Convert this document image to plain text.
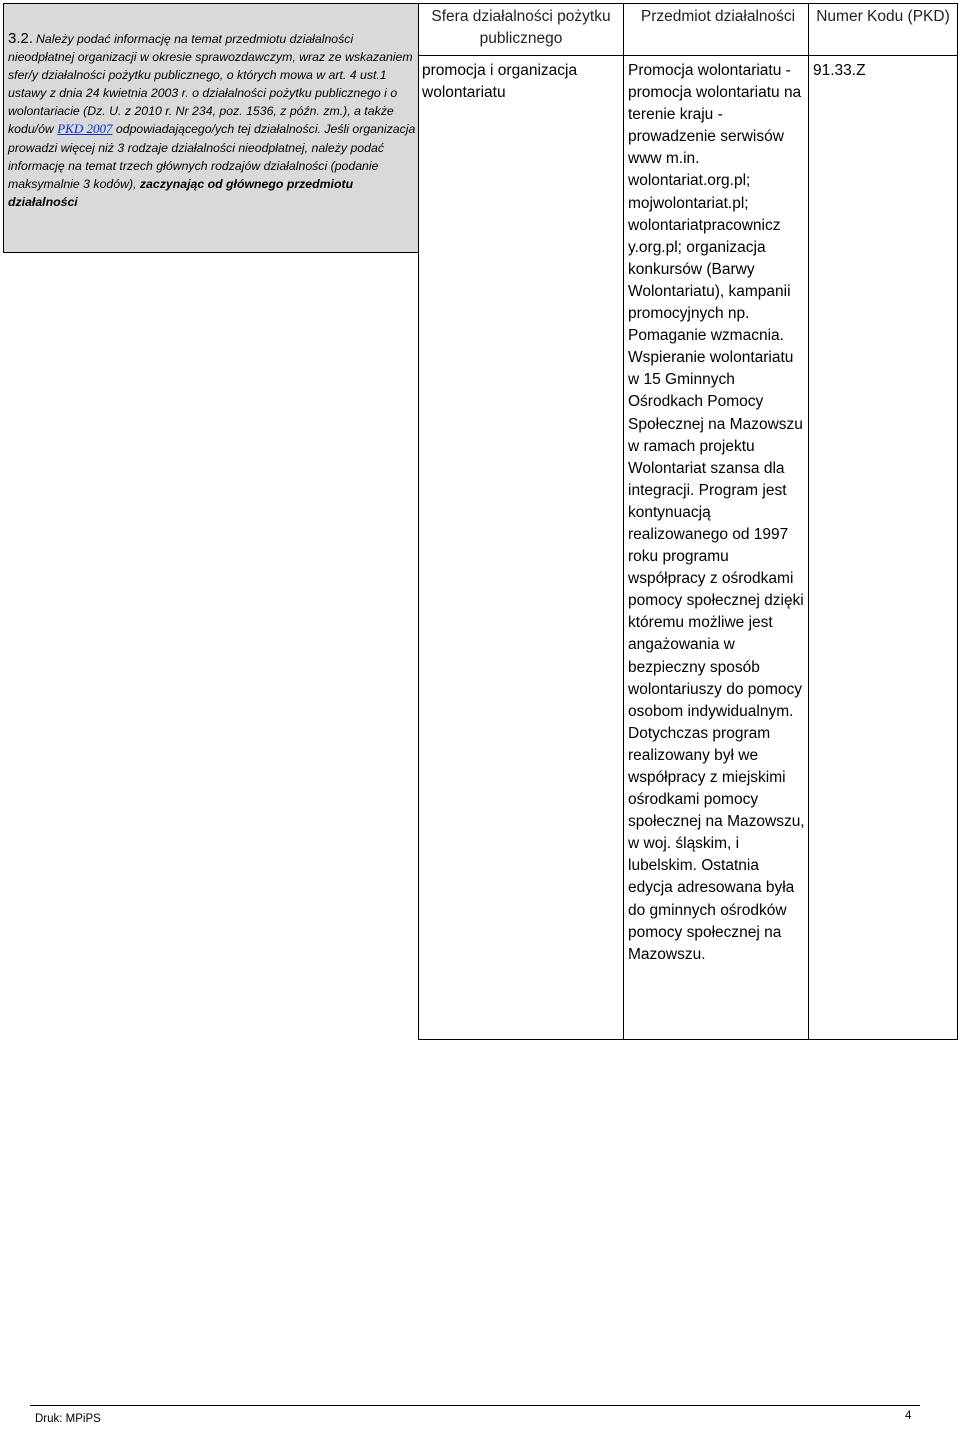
3.2. Należy podać informację na temat przedmiotu działalności nieodpłatnej organizacji w okresie sprawozdawczym, wraz ze wskazaniem sfer/y działalności pożytku publicznego, o których mowa w art. 4 ust.1 ustawy z dnia 24 kwietnia 2003 r. o działalności pożytku publicznego i o wolontariacie (Dz. U. z 2010 r. Nr 234, poz. 1536, z późn. zm.), a także kodu/ów PKD 2007 odpowiadającego/ych tej działalności. Jeśli organizacja prowadzi więcej niż 3 rodzaje działalności nieodpłatnej, należy podać informację na temat trzech głównych rodzajów działalności (podanie maksymalnie 3 kodów), zaczynając od głównego przedmiotu działalności
Sfera działalności pożytku publicznego
Przedmiot działalności	Numer Kodu (PKD)
promocja i organizacja wolontariatu
Promocja wolontariatu - promocja wolontariatu na terenie kraju - prowadzenie serwisów www m.in. wolontariat.org.pl; mojwolontariat.pl; wolontariatpracownicz y.org.pl; organizacja konkursów (Barwy Wolontariatu), kampanii promocyjnych np. Pomaganie wzmacnia. Wspieranie wolontariatu w 15 Gminnych Ośrodkach Pomocy Społecznej na Mazowszu w ramach projektu Wolontariat szansa dla integracji. Program jest kontynuacją realizowanego od 1997 roku programu współpracy z ośrodkami pomocy społecznej dzięki któremu możliwe jest angażowania w bezpieczny sposób wolontariuszy do pomocy osobom indywidualnym. Dotychczas program realizowany był we współpracy z miejskimi ośrodkami pomocy społecznej na Mazowszu, w woj. śląskim, i lubelskim. Ostatnia edycja adresowana była do gminnych ośrodków pomocy społecznej na Mazowszu.
91.33.Z
Druk: MPiPS	4
